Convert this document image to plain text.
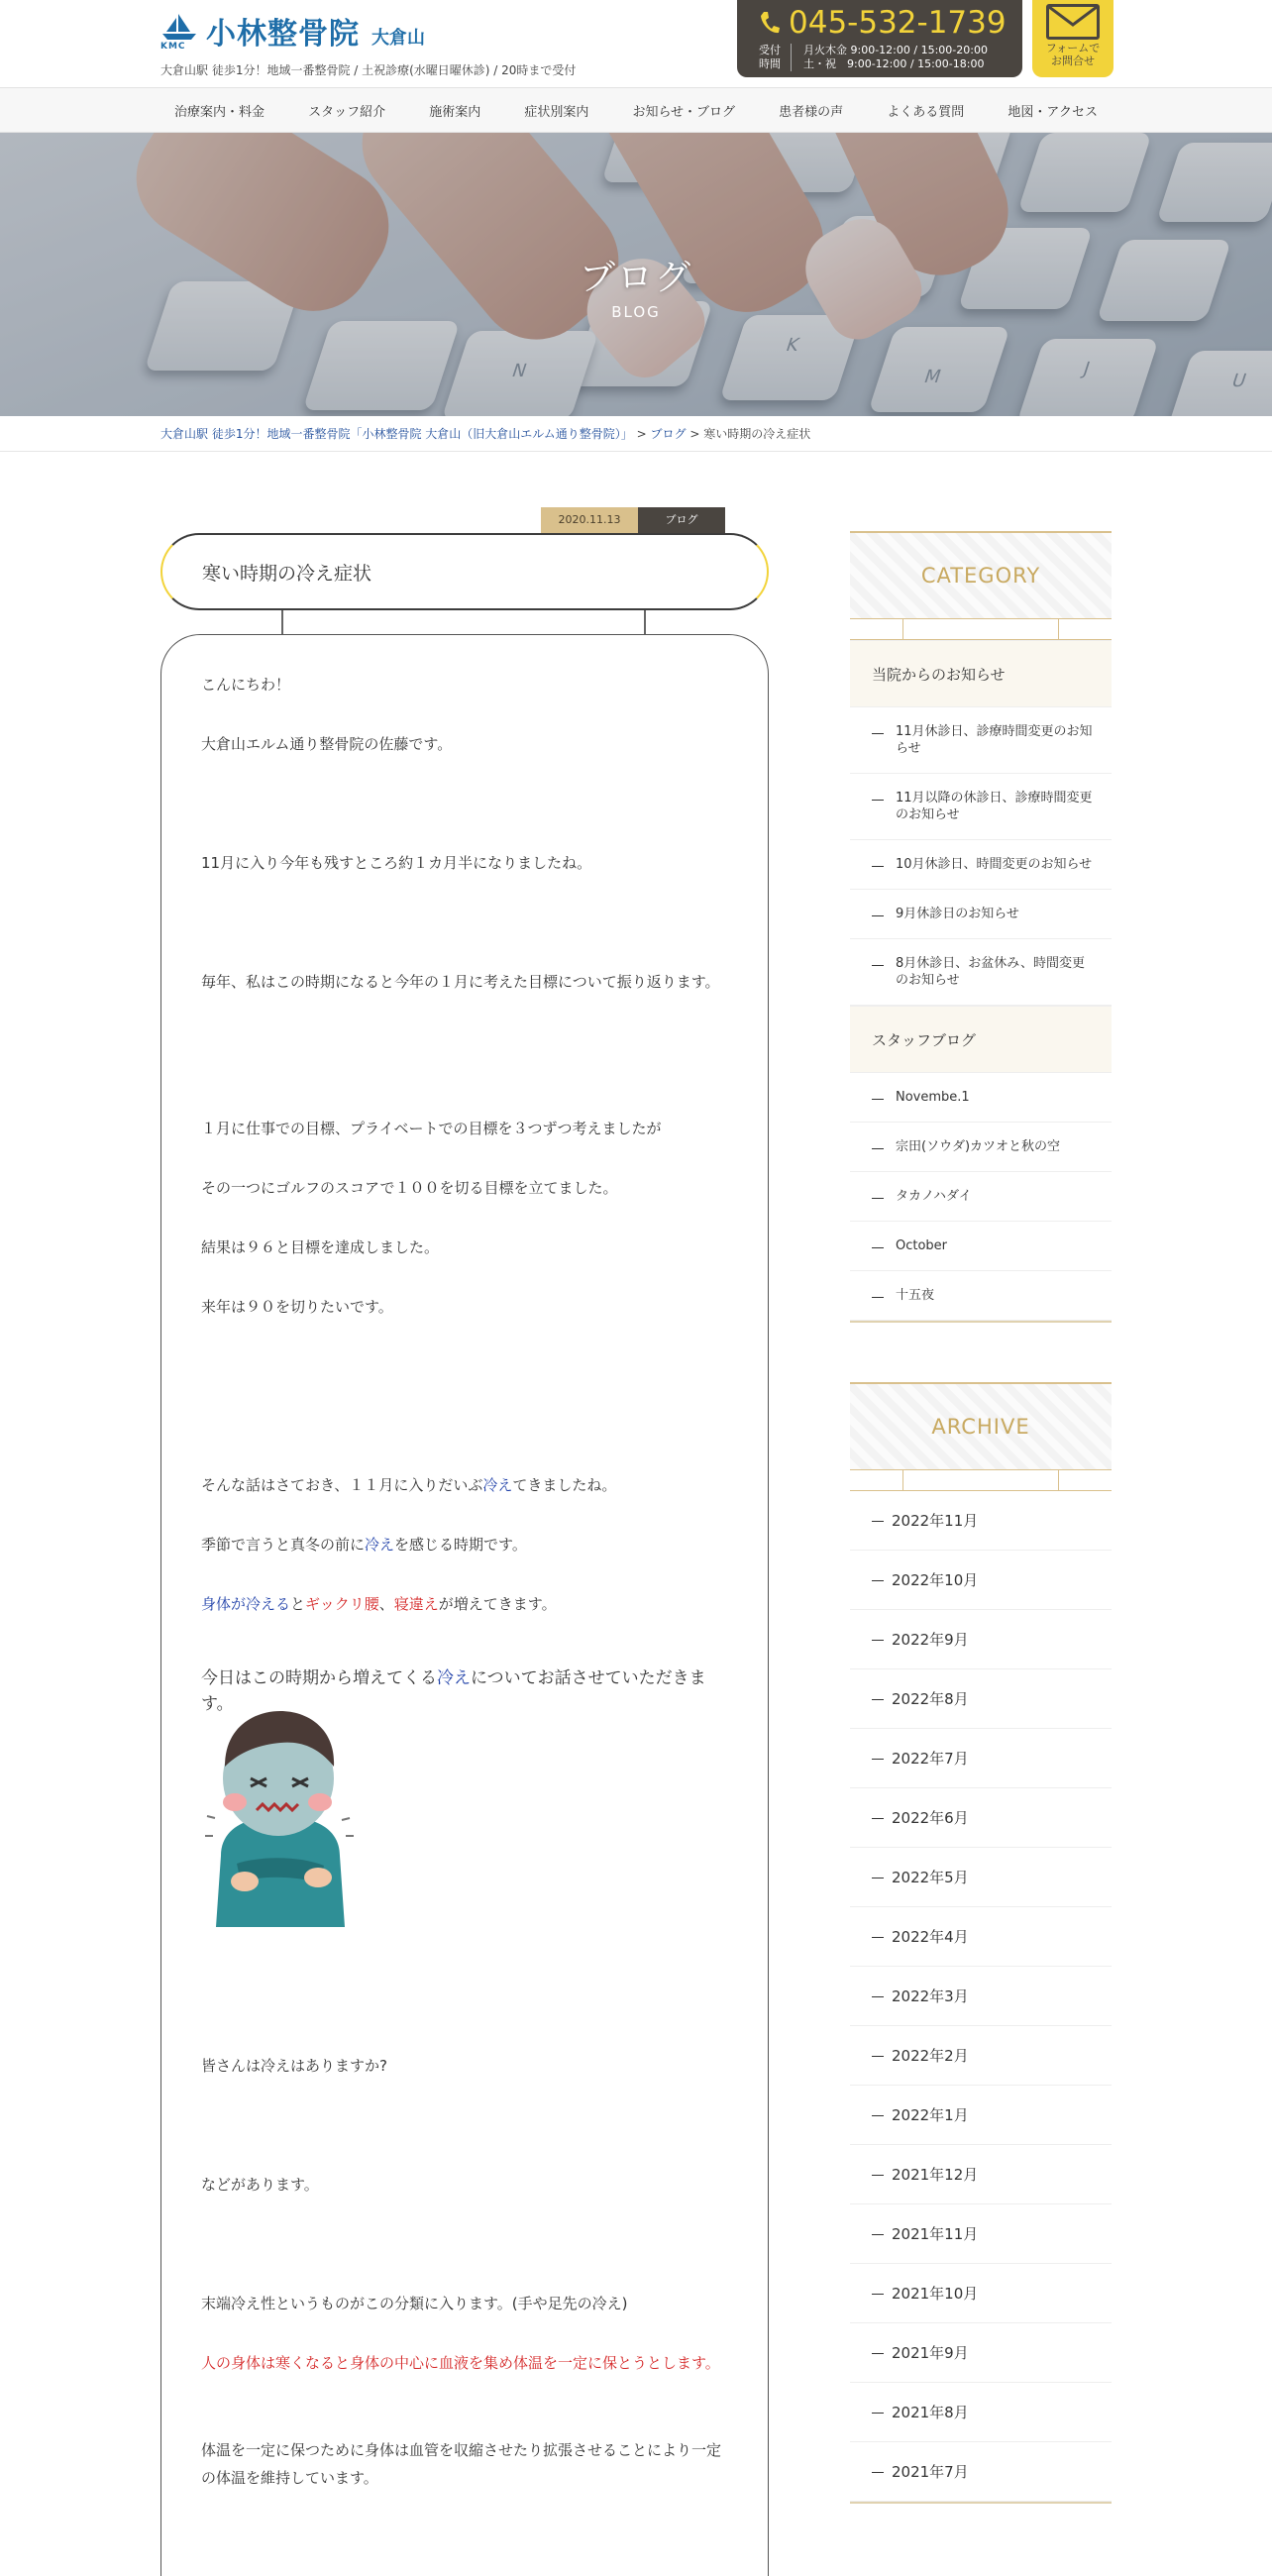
KMC 小林整骨院 大倉山
大倉山駅 徒歩1分！地域一番整骨院 / 土祝診療(水曜日曜休診) / 20時まで受付
045-532-1739
受付
時間
月火木金 9:00-12:00 / 15:00-20:00
土・祝　9:00-12:00 / 15:00-18:00
フォームで
お問合せ
治療案内・料金	スタッフ紹介	施術案内	症状別案内	お知らせ・ブログ	患者様の声	よくある質問	地図・アクセス
K
M	J
U
N
ブログ
BLOG
大倉山駅 徒歩1分！地域一番整骨院「小林整骨院 大倉山（旧大倉山エルム通り整骨院）」 > ブログ > 寒い時期の冷え症状
2020.11.13	ブログ
寒い時期の冷え症状

こんにちわ！

大倉山エルム通り整骨院の佐藤です。

11月に入り今年も残すところ約１カ月半になりましたね。

毎年、私はこの時期になると今年の１月に考えた目標について振り返ります。

１月に仕事での目標、プライベートでの目標を３つずつ考えましたが

その一つにゴルフのスコアで１００を切る目標を立てました。

結果は９６と目標を達成しました。

来年は９０を切りたいです。

そんな話はさておき、１１月に入りだいぶ冷えてきましたね。

季節で言うと真冬の前に冷えを感じる時期です。

身体が冷えるとギックリ腰、寝違えが増えてきます。

今日はこの時期から増えてくる冷えについてお話させていただきます。

皆さんは冷えはありますか?

などがあります。

末端冷え性というものがこの分類に入ります。(手や足先の冷え)

人の身体は寒くなると身体の中心に血液を集め体温を一定に保とうとします。

体温を一定に保つために身体は血管を収縮させたり拡張させることにより一定の体温を維持しています。

CATEGORY
当院からのお知らせ
11月休診日、診療時間変更のお知らせ
11月以降の休診日、診療時間変更のお知らせ
10月休診日、時間変更のお知らせ
9月休診日のお知らせ
8月休診日、お盆休み、時間変更のお知らせ
スタッフブログ
Novembe.1
宗田(ソウダ)カツオと秋の空
タカノハダイ
October
十五夜
ARCHIVE
2022年11月
2022年10月
2022年9月
2022年8月
2022年7月
2022年6月
2022年5月
2022年4月
2022年3月
2022年2月
2022年1月
2021年12月
2021年11月
2021年10月
2021年9月
2021年8月
2021年7月
